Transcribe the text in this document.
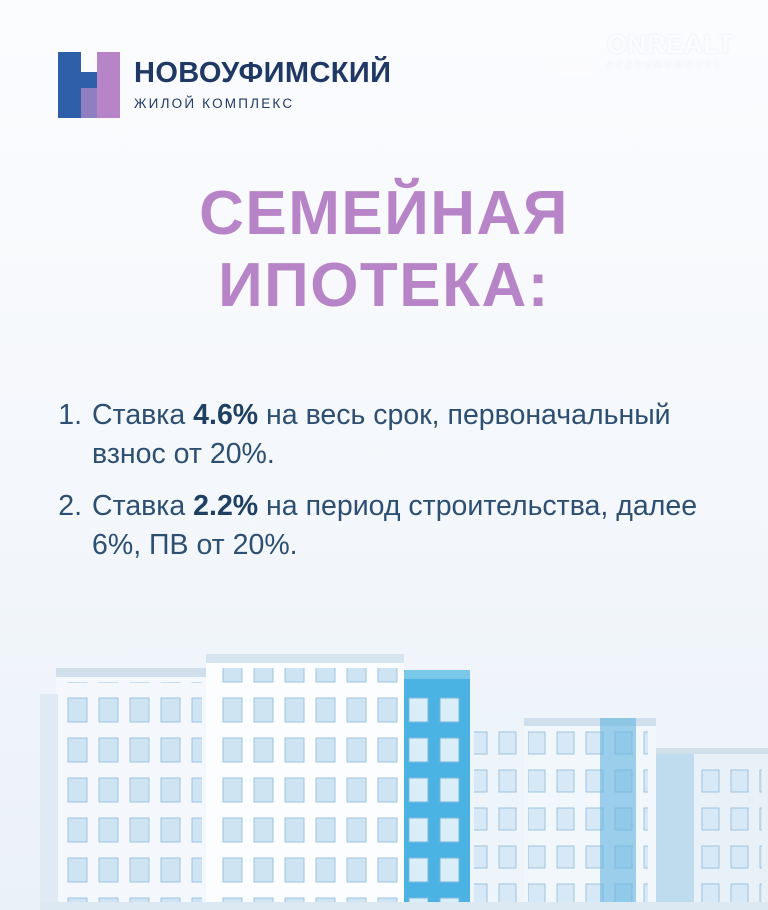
ONREALT
НЕДВИЖИМОСТЬ
НОВОУФИМСКИЙ
ЖИЛОЙ КОМПЛЕКС
СЕМЕЙНАЯ
ИПОТЕКА:
1. Ставка 4.6% на весь срок, первоначальный взнос от 20%.
2. Ставка 2.2% на период строительства, далее 6%, ПВ от 20%.
